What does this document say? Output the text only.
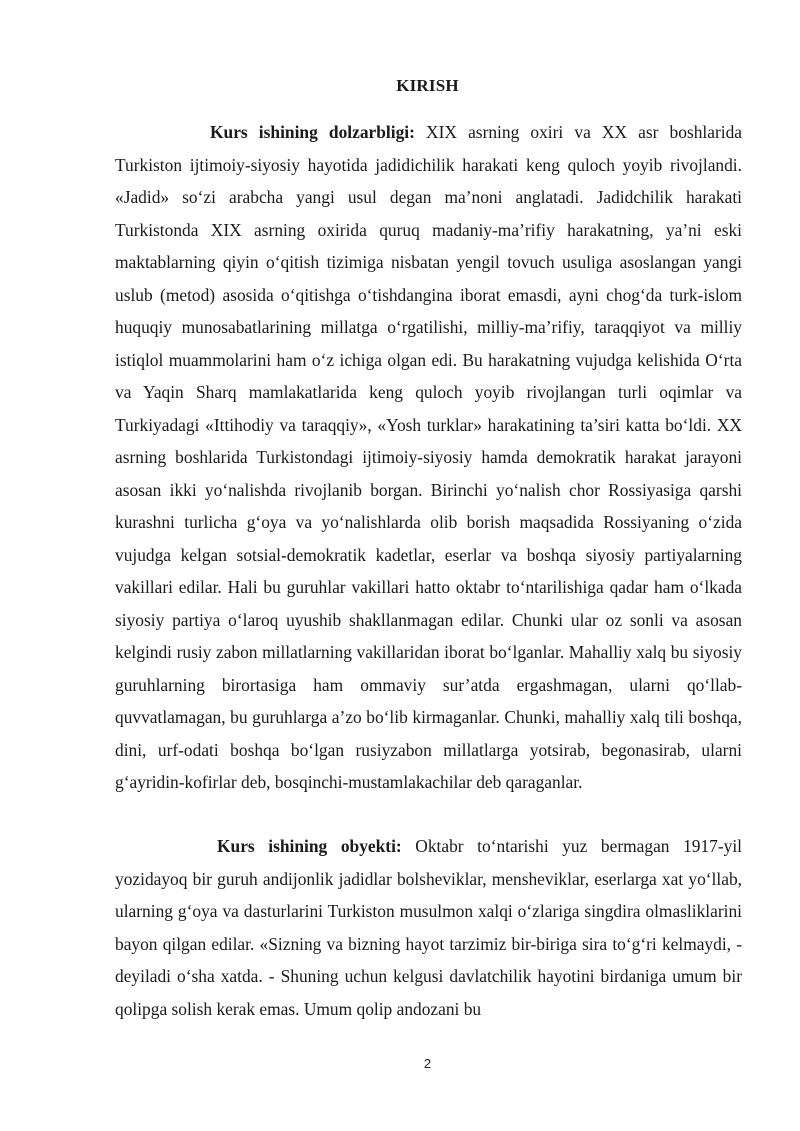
KIRISH

Kurs ishining dolzarbligi: XIX asrning oxiri va XX asr boshlarida Turkiston ijtimoiy-siyosiy hayotida jadidichilik harakati keng quloch yoyib rivojlandi. «Jadid» so‘zi arabcha yangi usul degan ma’noni anglatadi. Jadidchilik harakati Turkistonda XIX asrning oxirida quruq madaniy-ma’rifiy harakatning, ya’ni eski maktablarning qiyin o‘qitish tizimiga nisbatan yengil tovuch usuliga asoslangan yangi uslub (metod) asosida o‘qitishga o‘tishdangina iborat emasdi, ayni chog‘da turk-islom huquqiy munosabatlarining millatga o‘rgatilishi, milliy-ma’rifiy, taraqqiyot va milliy istiqlol muammolarini ham o‘z ichiga olgan edi. Bu harakatning vujudga kelishida O‘rta va Yaqin Sharq mamlakatlarida keng quloch yoyib rivojlangan turli oqimlar va Turkiyadagi «Ittihodiy va taraqqiy», «Yosh turklar» harakatining ta’siri katta bo‘ldi. XX asrning boshlarida Turkistondagi ijtimoiy-siyosiy hamda demokratik harakat jarayoni asosan ikki yo‘nalishda rivojlanib borgan. Birinchi yo‘nalish chor Rossiyasiga qarshi kurashni turlicha g‘oya va yo‘nalishlarda olib borish maqsadida Rossiyaning o‘zida vujudga kelgan sotsial-demokratik kadetlar, eserlar va boshqa siyosiy partiyalarning vakillari edilar. Hali bu guruhlar vakillari hatto oktabr to‘ntarilishiga qadar ham o‘lkada siyosiy partiya o‘laroq uyushib shakllanmagan edilar. Chunki ular oz sonli va asosan kelgindi rusiy zabon millatlarning vakillaridan iborat bo‘lganlar. Mahalliy xalq bu siyosiy guruhlarning birortasiga ham ommaviy sur’atda ergashmagan, ularni qo‘llab-quvvatlamagan, bu guruhlarga a’zo bo‘lib kirmaganlar. Chunki, mahalliy xalq tili boshqa, dini, urf-odati boshqa bo‘lgan rusiyzabon millatlarga yotsirab, begonasirab, ularni g‘ayridin-kofirlar deb, bosqinchi-mustamlakachilar deb qaraganlar.

Kurs ishining obyekti: Oktabr to‘ntarishi yuz bermagan 1917-yil yozidayoq bir guruh andijonlik jadidlar bolsheviklar, mensheviklar, eserlarga xat yo‘llab, ularning g‘oya va dasturlarini Turkiston musulmon xalqi o‘zlariga singdira olmasliklarini bayon qilgan edilar. «Sizning va bizning hayot tarzimiz bir-biriga sira to‘g‘ri kelmaydi, - deyiladi o‘sha xatda. - Shuning uchun kelgusi davlatchilik hayotini birdaniga umum bir qolipga solish kerak emas. Umum qolip andozani bu

2
